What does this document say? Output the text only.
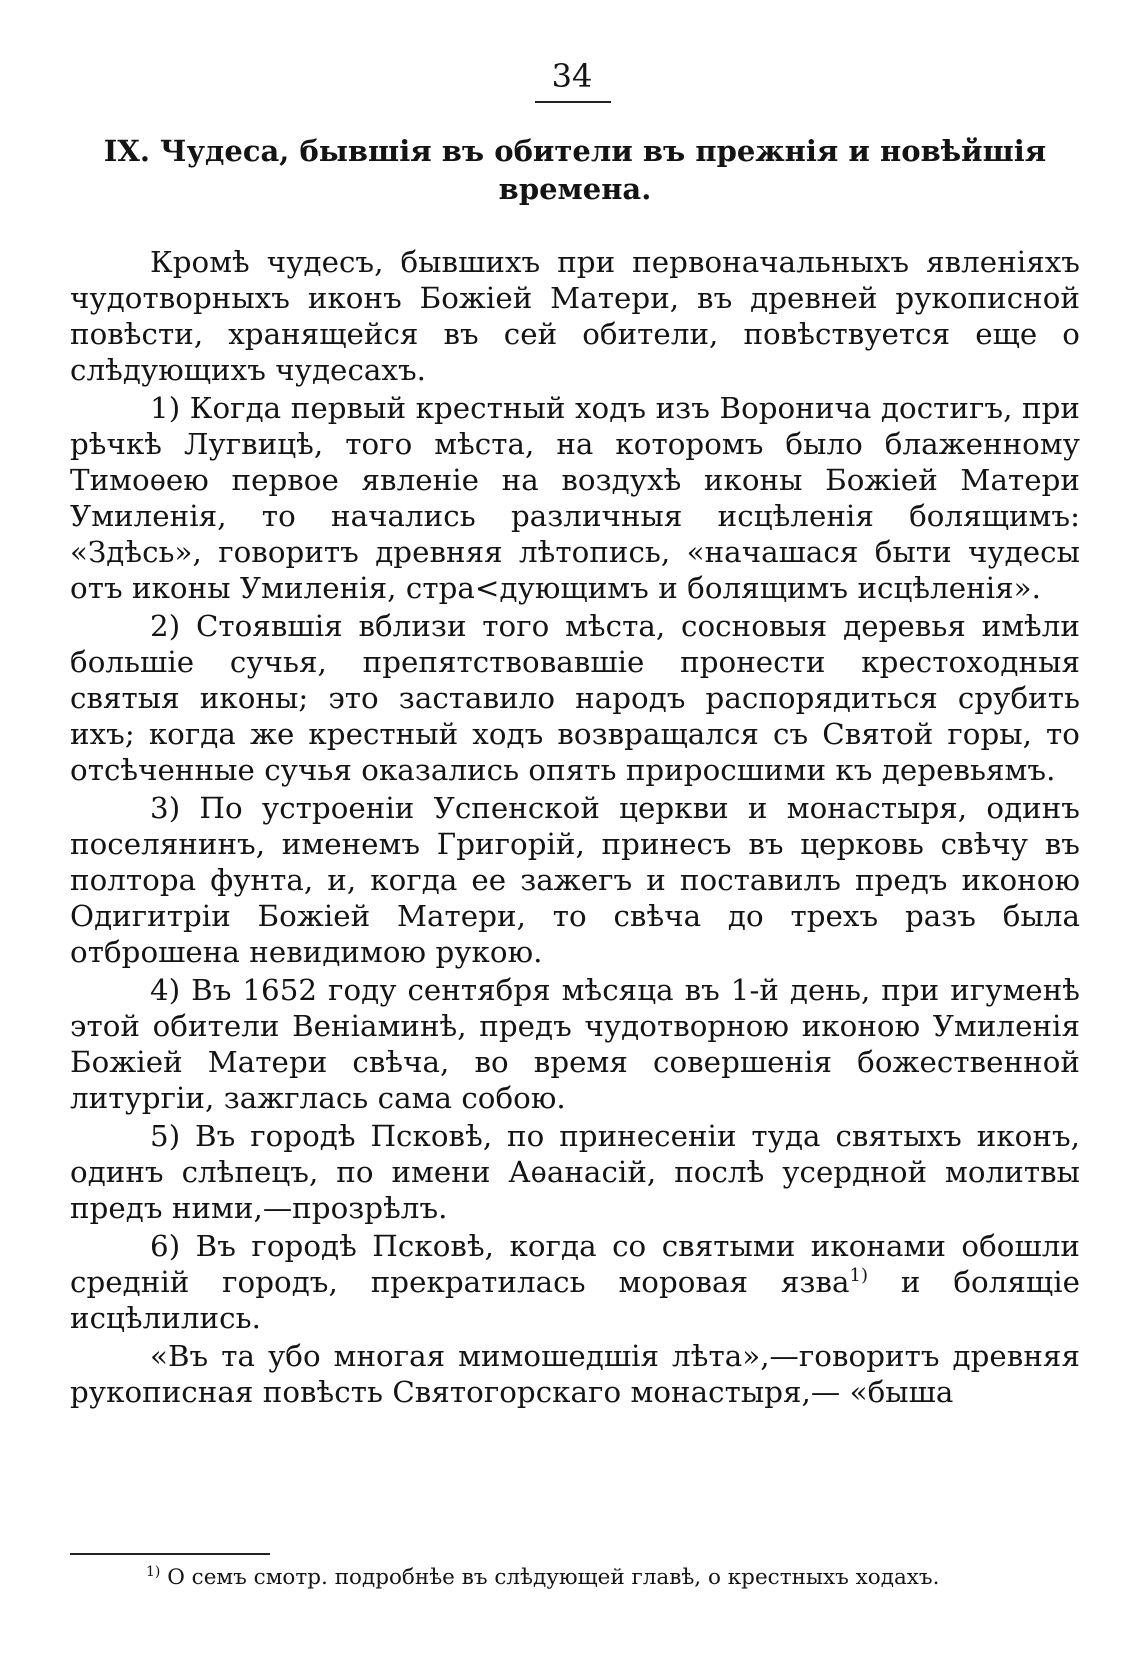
34
IX. Чудеса, бывшія въ обители въ прежнія и новѣйшія времена.

Кромѣ чудесъ, бывшихъ при первоначальныхъ явленіяхъ чудотворныхъ иконъ Божіей Матери, въ древней рукописной повѣсти, хранящейся въ сей обители, повѣствуется еще о слѣдующихъ чудесахъ.

1) Когда первый крестный ходъ изъ Воронича достигъ, при рѣчкѣ Лугвицѣ, того мѣста, на которомъ было блаженному Тимоѳею первое явленіе на воздухѣ иконы Божіей Матери Умиленія, то начались различныя исцѣленія болящимъ: «Здѣсь», говоритъ древняя лѣтопись, «начашася быти чудесы отъ иконы Умиленія, стра<дующимъ и болящимъ исцѣленія».

2) Стоявшія вблизи того мѣста, сосновыя деревья имѣли большіе сучья, препятствовавшіе пронести крестоходныя святыя иконы; это заставило народъ распорядиться срубить ихъ; когда же крестный ходъ возвращался съ Святой горы, то отсѣченные сучья оказались опять приросшими къ деревьямъ.

3) По устроеніи Успенской церкви и монастыря, одинъ поселянинъ, именемъ Григорій, принесъ въ церковь свѣчу въ полтора фунта, и, когда ее зажегъ и поставилъ предъ иконою Одигитріи Божіей Матери, то свѣча до трехъ разъ была отброшена невидимою рукою.

4) Въ 1652 году сентября мѣсяца въ 1-й день, при игуменѣ этой обители Веніаминѣ, предъ чудотворною иконою Умиленія Божіей Матери свѣча, во время совершенія божественной литургіи, зажглась сама собою.

5) Въ городѣ Псковѣ, по принесеніи туда святыхъ иконъ, одинъ слѣпецъ, по имени Аѳанасій, послѣ усердной молитвы предъ ними,—прозрѣлъ.

6) Въ городѣ Псковѣ, когда со святыми иконами обошли средній городъ, прекратилась моровая язва$^{1)}$ и болящіе исцѣлились.

«Въ та убо многая мимошедшія лѣта»,—говоритъ древняя рукописная повѣсть Святогорскаго монастыря,— «быша

$^{1)}$ О семъ смотр. подробнѣе въ слѣдующей главѣ, о крестныхъ ходахъ.
